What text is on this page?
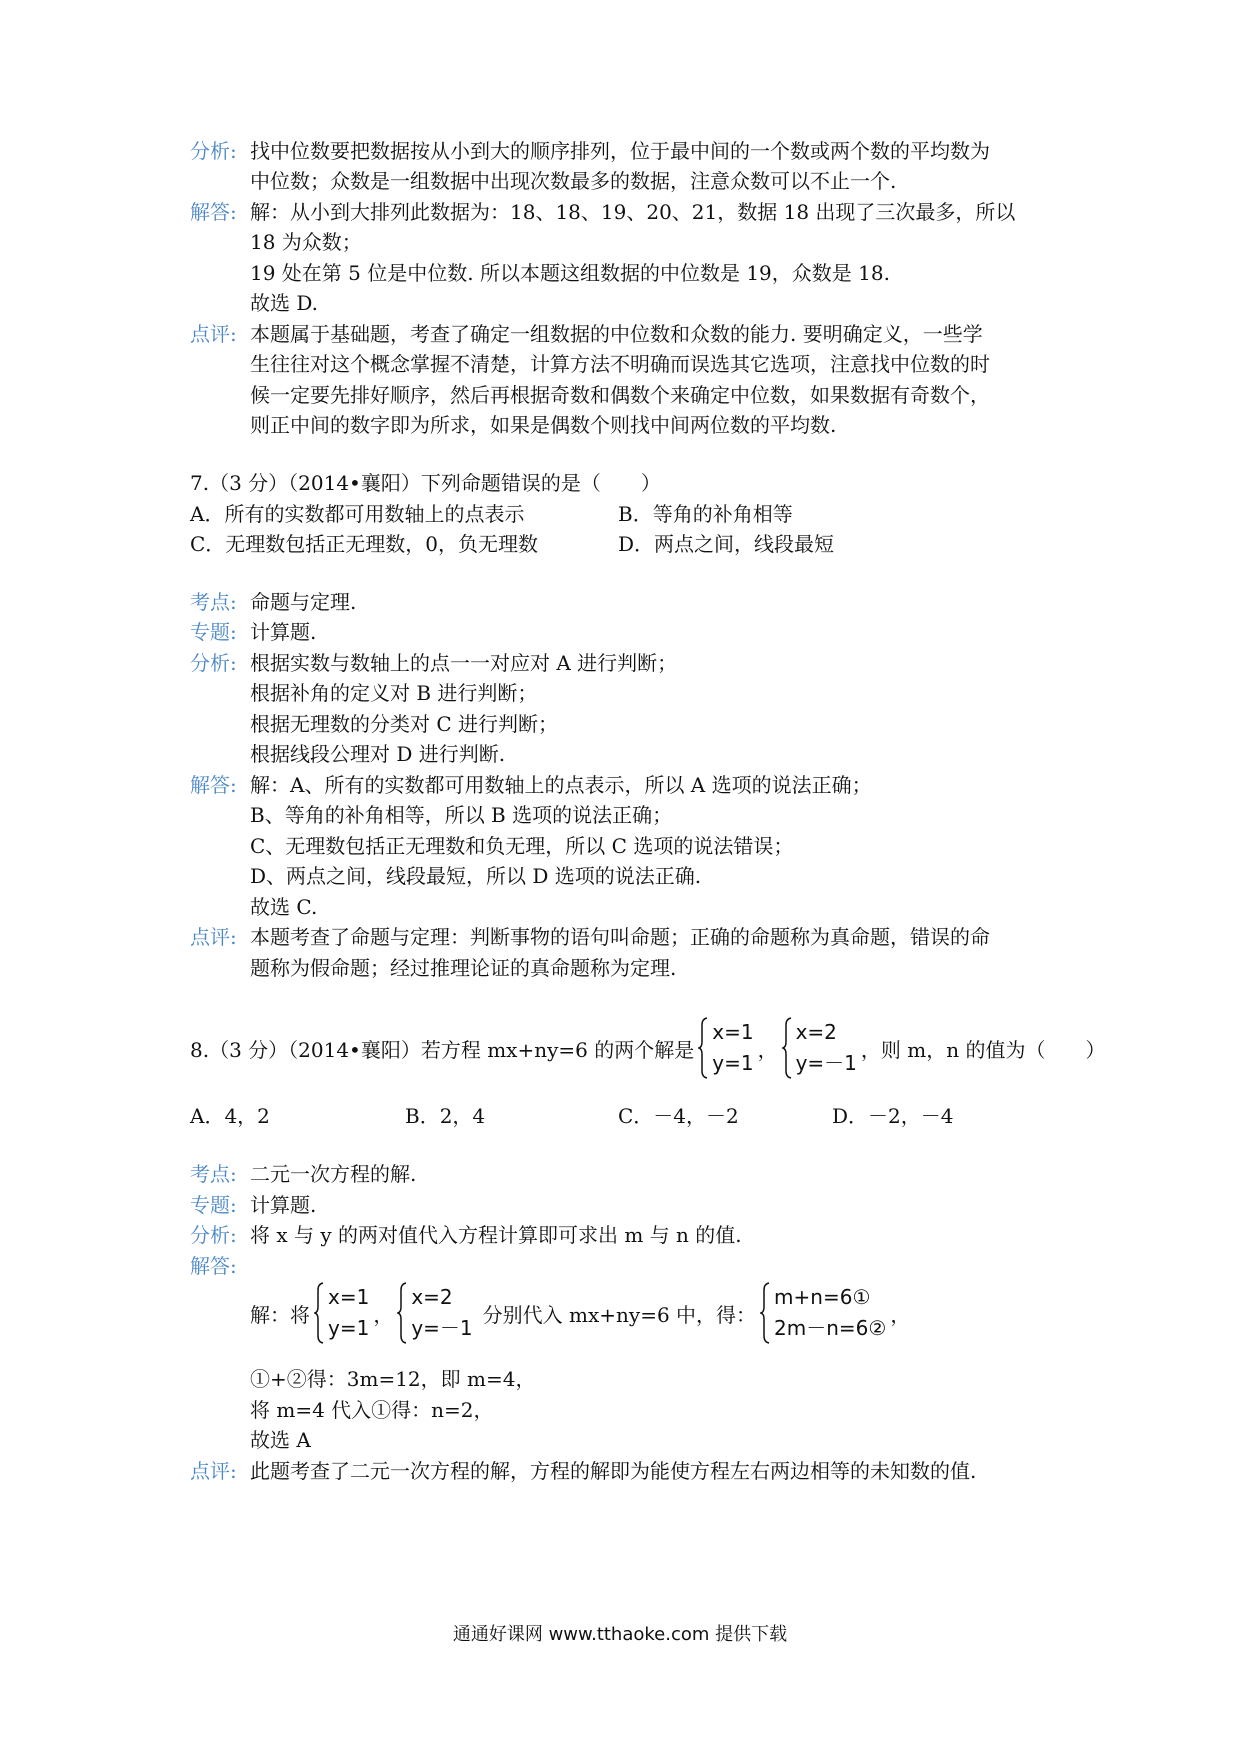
分析: 找中位数要把数据按从小到大的顺序排列，位于最中间的一个数或两个数的平均数为
中位数；众数是一组数据中出现次数最多的数据，注意众数可以不止一个.
解答: 解：从小到大排列此数据为：18、18、19、20、21，数据 18 出现了三次最多，所以
18 为众数；
19 处在第 5 位是中位数. 所以本题这组数据的中位数是 19，众数是 18.
故选 D.
点评: 本题属于基础题，考查了确定一组数据的中位数和众数的能力. 要明确定义，一些学
生往往对这个概念掌握不清楚，计算方法不明确而误选其它选项，注意找中位数的时
候一定要先排好顺序，然后再根据奇数和偶数个来确定中位数，如果数据有奇数个，
则正中间的数字即为所求，如果是偶数个则找中间两位数的平均数.
7.（3 分）（2014•襄阳）下列命题错误的是（　　）
A．所有的实数都可用数轴上的点表示	B．等角的补角相等
C．无理数包括正无理数，0，负无理数	D．两点之间，线段最短
考点: 命题与定理.
专题: 计算题.
分析: 根据实数与数轴上的点一一对应对 A 进行判断；
根据补角的定义对 B 进行判断；
根据无理数的分类对 C 进行判断；
根据线段公理对 D 进行判断.
解答: 解：A、所有的实数都可用数轴上的点表示，所以 A 选项的说法正确；
B、等角的补角相等，所以 B 选项的说法正确；
C、无理数包括正无理数和负无理，所以 C 选项的说法错误；
D、两点之间，线段最短，所以 D 选项的说法正确.
故选 C.
点评: 本题考查了命题与定理：判断事物的语句叫命题；正确的命题称为真命题，错误的命
题称为假命题；经过推理论证的真命题称为定理.
8.（3 分）（2014•襄阳）若方程 mx+ny=6 的两个解是
x=1
y=1
，
x=2
y=－1
，则 m，n 的值为（　　）
A．4，2	B．2，4	C．－4，－2	D．－2，－4
考点: 二元一次方程的解.
专题: 计算题.
分析: 将 x 与 y 的两对值代入方程计算即可求出 m 与 n 的值.
解答:
解：将
x=1
y=1
，
x=2
y=－1
分别代入 mx+ny=6 中，得：
m+n=6①
2m－n=6②
，
①+②得：3m=12，即 m=4，
将 m=4 代入①得：n=2，
故选 A
点评: 此题考查了二元一次方程的解，方程的解即为能使方程左右两边相等的未知数的值.
通通好课网 www.tthaoke.com 提供下载
